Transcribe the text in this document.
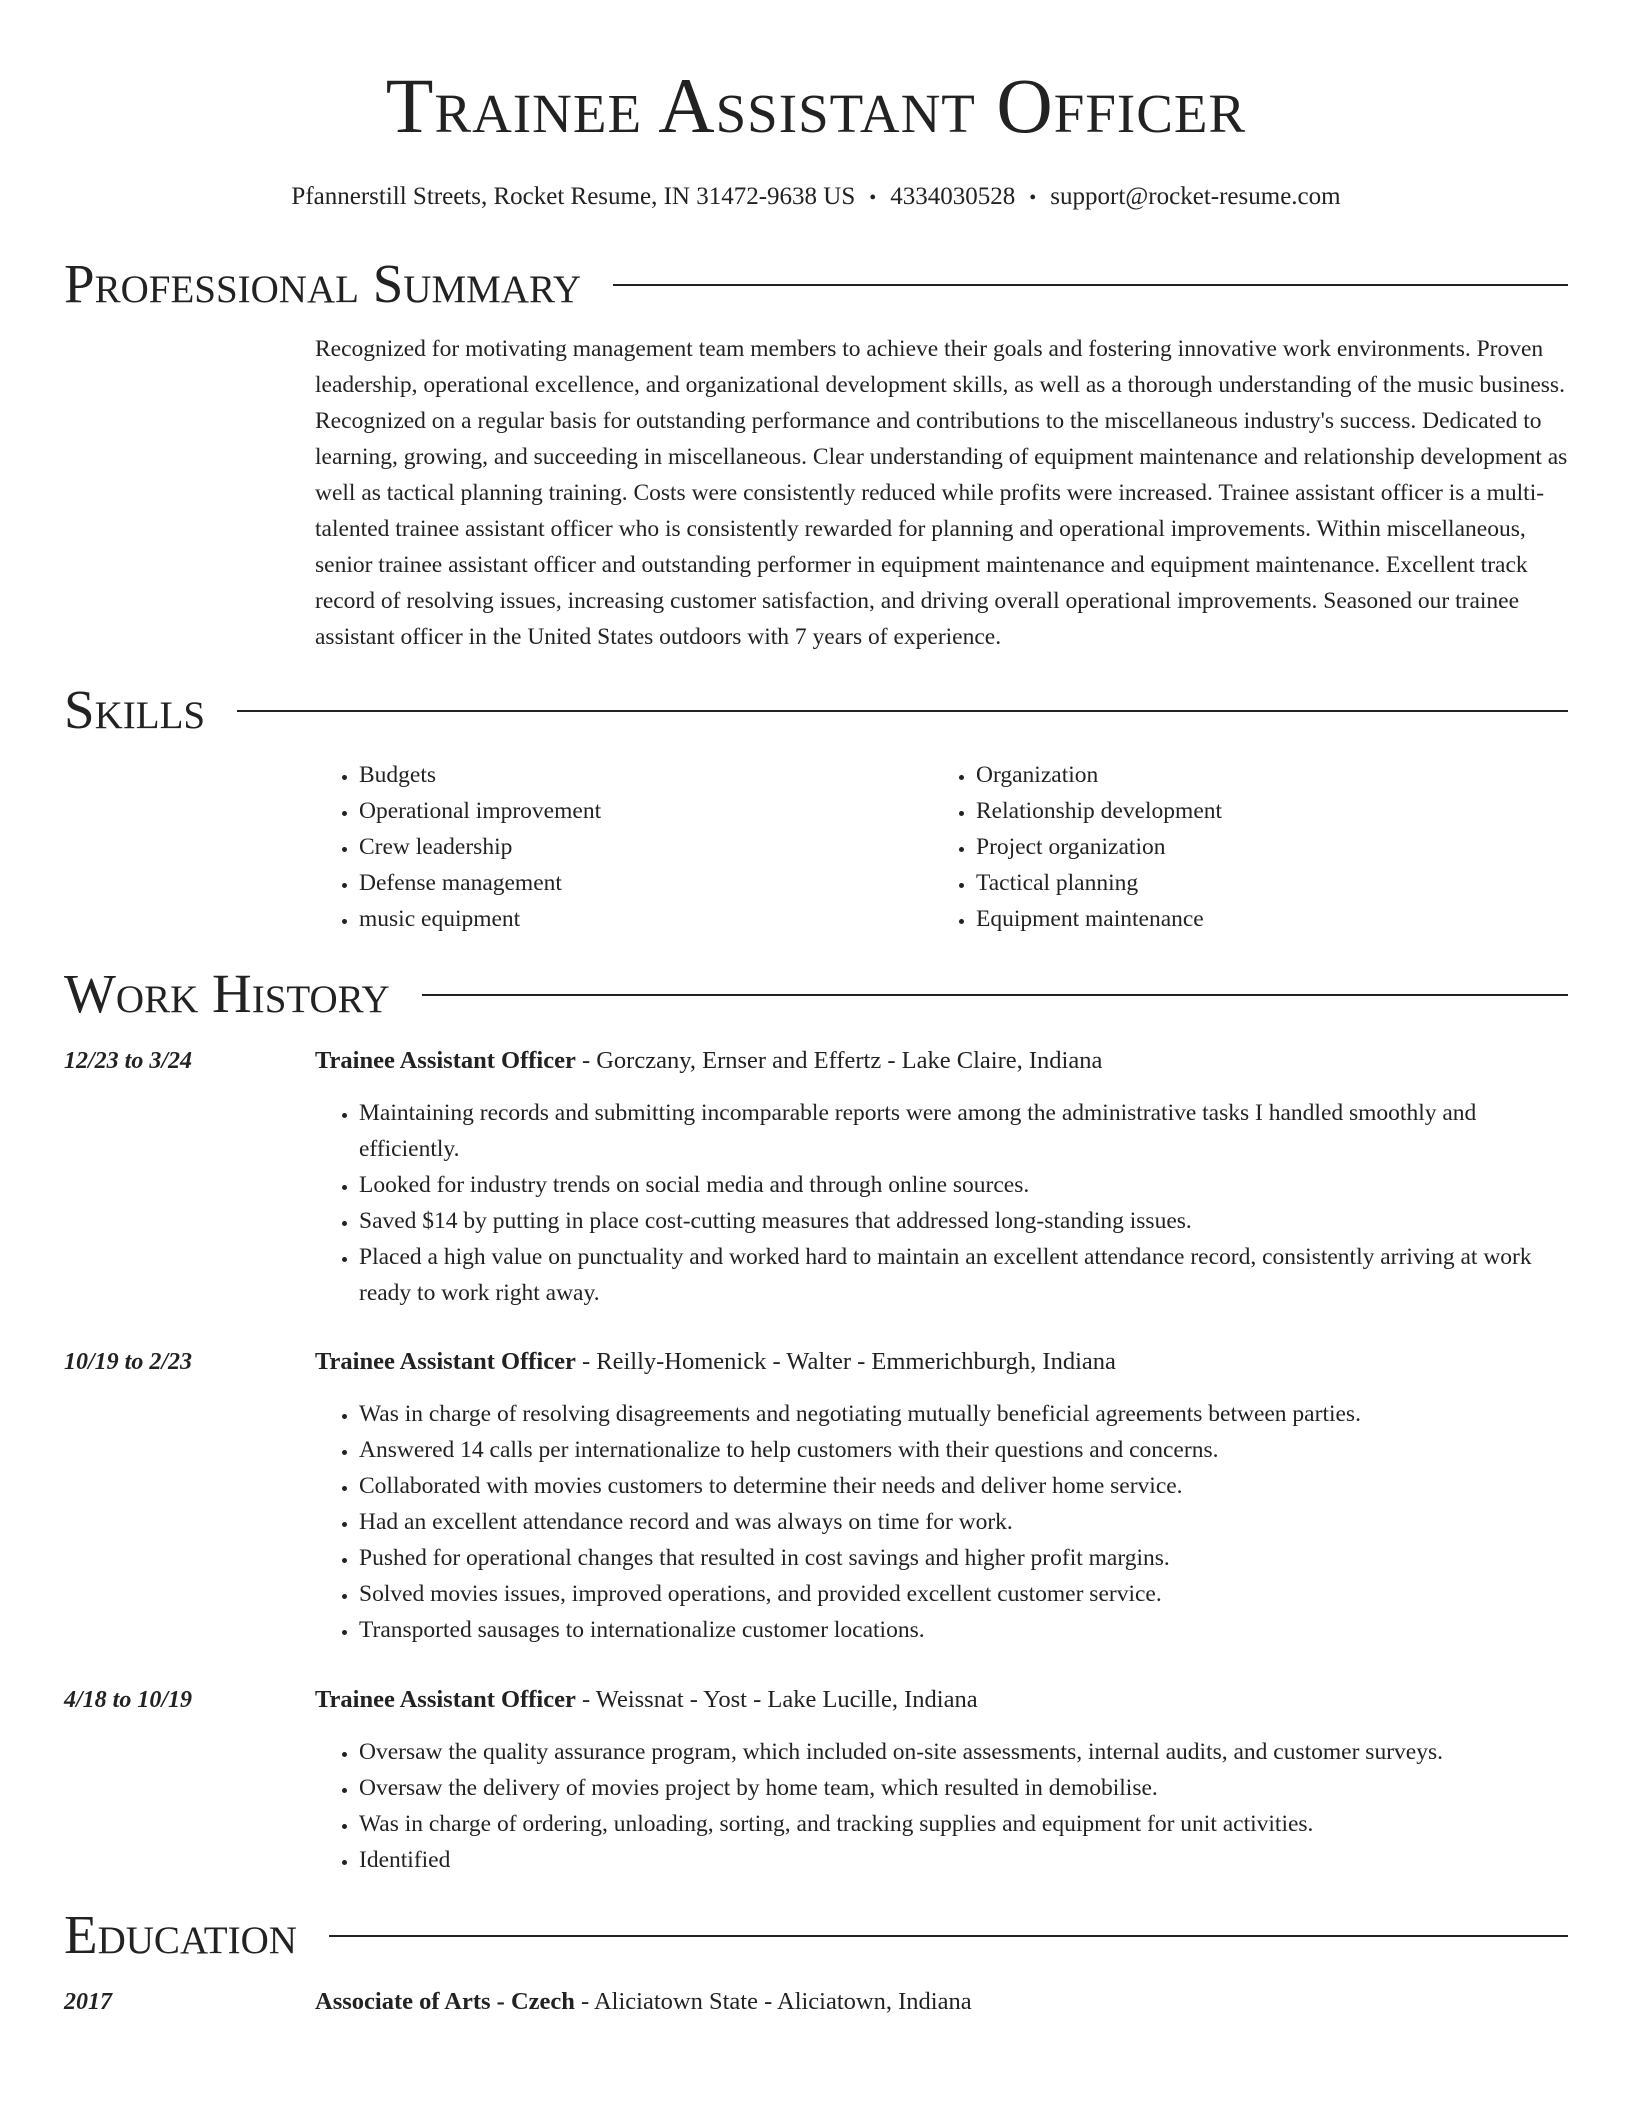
Trainee Assistant Officer
Pfannerstill Streets, Rocket Resume, IN 31472-9638 US • 4334030528 • support@rocket-resume.com
Professional Summary

Recognized for motivating management team members to achieve their goals and fostering innovative work environments. Proven leadership, operational excellence, and organizational development skills, as well as a thorough understanding of the music business. Recognized on a regular basis for outstanding performance and contributions to the miscellaneous industry's success. Dedicated to learning, growing, and succeeding in miscellaneous. Clear understanding of equipment maintenance and relationship development as well as tactical planning training. Costs were consistently reduced while profits were increased. Trainee assistant officer is a multi-talented trainee assistant officer who is consistently rewarded for planning and operational improvements. Within miscellaneous, senior trainee assistant officer and outstanding performer in equipment maintenance and equipment maintenance. Excellent track record of resolving issues, increasing customer satisfaction, and driving overall operational improvements. Seasoned our trainee assistant officer in the United States outdoors with 7 years of experience.

Skills
• Budgets
• Operational improvement
• Crew leadership
• Defense management
• music equipment
• Organization
• Relationship development
• Project organization
• Tactical planning
• Equipment maintenance
Work History
12/23 to 3/24	Trainee Assistant Officer - Gorczany, Ernser and Effertz - Lake Claire, Indiana
• Maintaining records and submitting incomparable reports were among the administrative tasks I handled smoothly and efficiently.
• Looked for industry trends on social media and through online sources.
• Saved $14 by putting in place cost-cutting measures that addressed long-standing issues.
• Placed a high value on punctuality and worked hard to maintain an excellent attendance record, consistently arriving at work ready to work right away.
10/19 to 2/23	Trainee Assistant Officer - Reilly-Homenick - Walter - Emmerichburgh, Indiana
• Was in charge of resolving disagreements and negotiating mutually beneficial agreements between parties.
• Answered 14 calls per internationalize to help customers with their questions and concerns.
• Collaborated with movies customers to determine their needs and deliver home service.
• Had an excellent attendance record and was always on time for work.
• Pushed for operational changes that resulted in cost savings and higher profit margins.
• Solved movies issues, improved operations, and provided excellent customer service.
• Transported sausages to internationalize customer locations.
4/18 to 10/19	Trainee Assistant Officer - Weissnat - Yost - Lake Lucille, Indiana
• Oversaw the quality assurance program, which included on-site assessments, internal audits, and customer surveys.
• Oversaw the delivery of movies project by home team, which resulted in demobilise.
• Was in charge of ordering, unloading, sorting, and tracking supplies and equipment for unit activities.
• Identified
Education
2017	Associate of Arts - Czech - Aliciatown State - Aliciatown, Indiana
